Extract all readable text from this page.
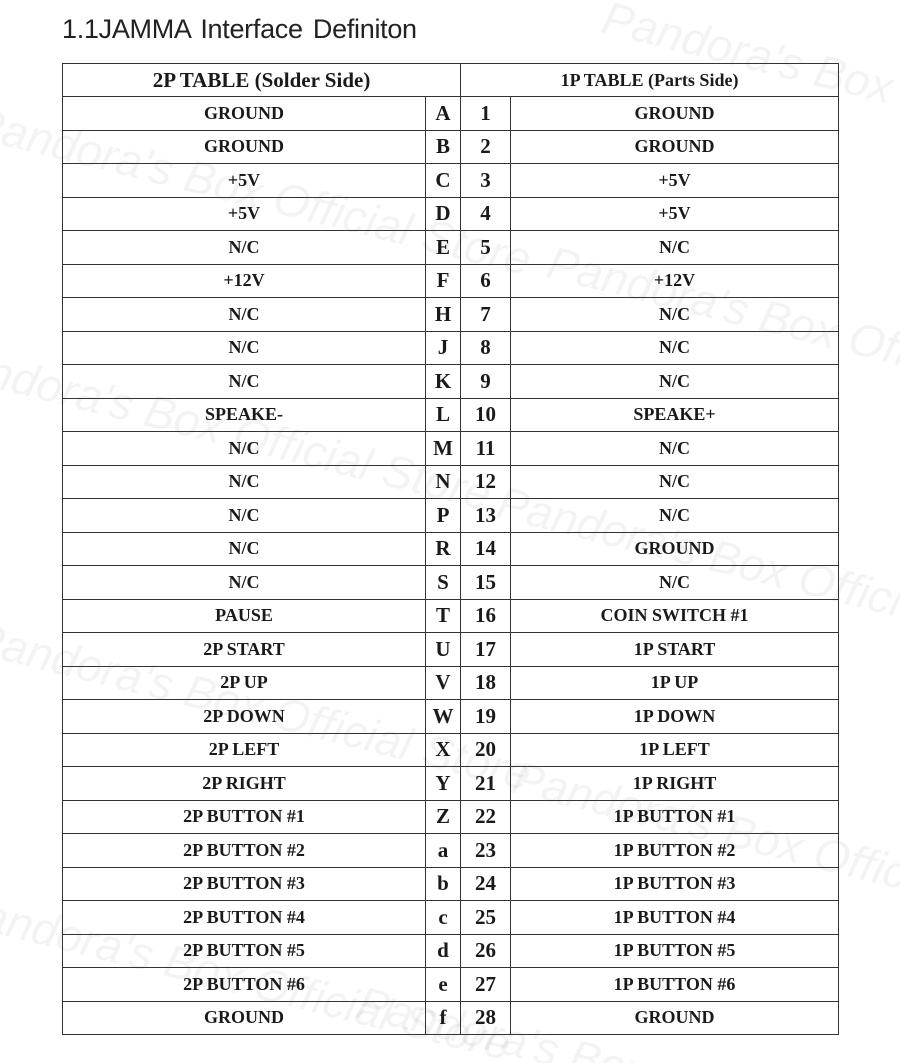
1.1JAMMA Interface Definiton
2P TABLE (Solder Side)		1P TABLE (Parts Side)	
GROUND	A	1	GROUND
GROUND	B	2	GROUND
+5V	C	3	+5V
+5V	D	4	+5V
N/C	E	5	N/C
+12V	F	6	+12V
N/C	H	7	N/C
N/C	J	8	N/C
N/C	K	9	N/C
SPEAKE-	L	10	SPEAKE+
N/C	M	11	N/C
N/C	N	12	N/C
N/C	P	13	N/C
N/C	R	14	GROUND
N/C	S	15	N/C
PAUSE	T	16	COIN SWITCH #1
2P START	U	17	1P START
2P UP	V	18	1P UP
2P DOWN	W	19	1P DOWN
2P LEFT	X	20	1P LEFT
2P RIGHT	Y	21	1P RIGHT
2P BUTTON #1	Z	22	1P BUTTON #1
2P BUTTON #2	a	23	1P BUTTON #2
2P BUTTON #3	b	24	1P BUTTON #3
2P BUTTON #4	c	25	1P BUTTON #4
2P BUTTON #5	d	26	1P BUTTON #5
2P BUTTON #6	e	27	1P BUTTON #6
GROUND	f	28	GROUND
